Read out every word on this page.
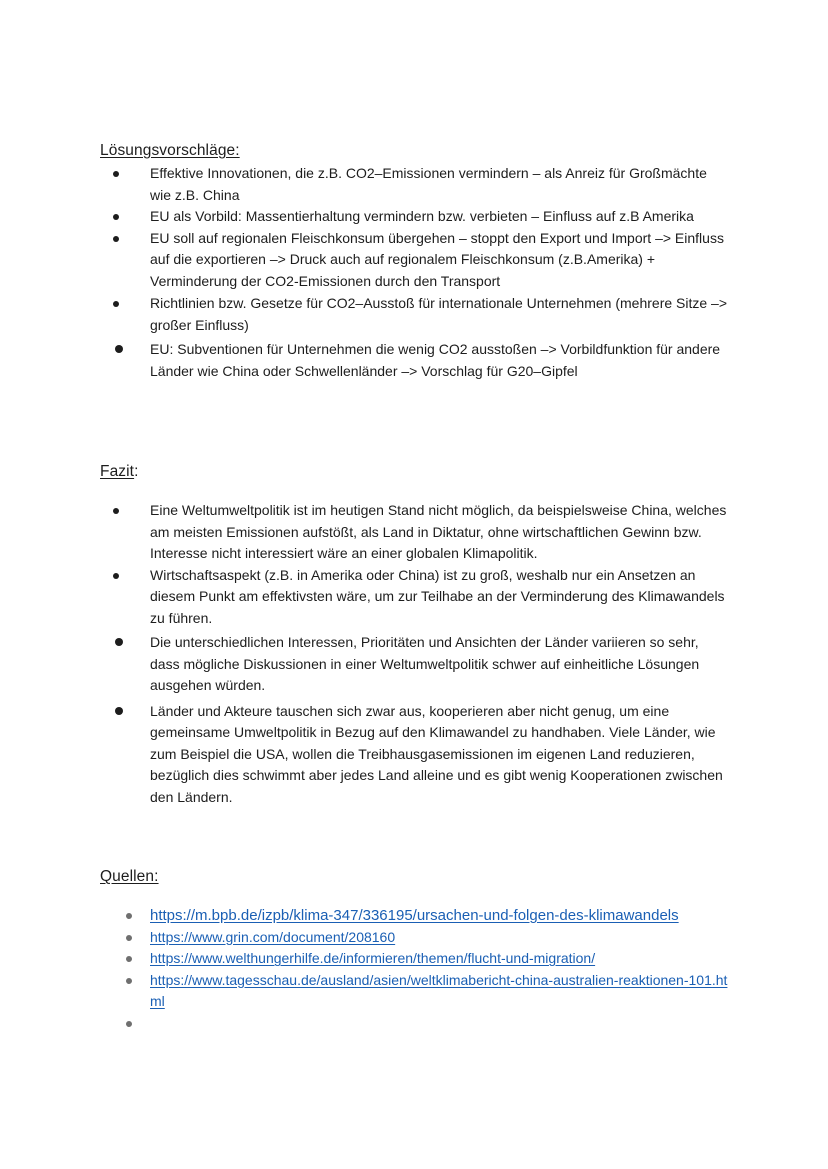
Lösungsvorschläge:
Effektive Innovationen, die z.B. CO2–Emissionen vermindern – als Anreiz für Großmächte wie z.B. China
EU als Vorbild: Massentierhaltung vermindern bzw. verbieten – Einfluss auf z.B Amerika
EU soll auf regionalen Fleischkonsum übergehen – stoppt den Export und Import –> Einfluss auf die exportieren –> Druck auch auf regionalem Fleischkonsum (z.B.Amerika) + Verminderung der CO2-Emissionen durch den Transport
Richtlinien bzw. Gesetze für CO2–Ausstoß für internationale Unternehmen (mehrere Sitze –> großer Einfluss)
EU: Subventionen für Unternehmen die wenig CO2 ausstoßen –> Vorbildfunktion für andere Länder wie China oder Schwellenländer –> Vorschlag für G20–Gipfel
Fazit:
Eine Weltumweltpolitik ist im heutigen Stand nicht möglich, da beispielsweise China, welches am meisten Emissionen aufstößt, als Land in Diktatur, ohne wirtschaftlichen Gewinn bzw. Interesse nicht interessiert wäre an einer globalen Klimapolitik.
Wirtschaftsaspekt (z.B. in Amerika oder China) ist zu groß, weshalb nur ein Ansetzen an diesem Punkt am effektivsten wäre, um zur Teilhabe an der Verminderung des Klimawandels zu führen.
Die unterschiedlichen Interessen, Prioritäten und Ansichten der Länder variieren so sehr, dass mögliche Diskussionen in einer Weltumweltpolitik schwer auf einheitliche Lösungen ausgehen würden.
Länder und Akteure tauschen sich zwar aus, kooperieren aber nicht genug, um eine gemeinsame Umweltpolitik in Bezug auf den Klimawandel zu handhaben. Viele Länder, wie zum Beispiel die USA, wollen die Treibhausgasemissionen im eigenen Land reduzieren, bezüglich dies schwimmt aber jedes Land alleine und es gibt wenig Kooperationen zwischen den Ländern.
Quellen:
https://m.bpb.de/izpb/klima-347/336195/ursachen-und-folgen-des-klimawandels
https://www.grin.com/document/208160
https://www.welthungerhilfe.de/informieren/themen/flucht-und-migration/
https://www.tagesschau.de/ausland/asien/weltklimabericht-china-australien-reaktionen-101.html
